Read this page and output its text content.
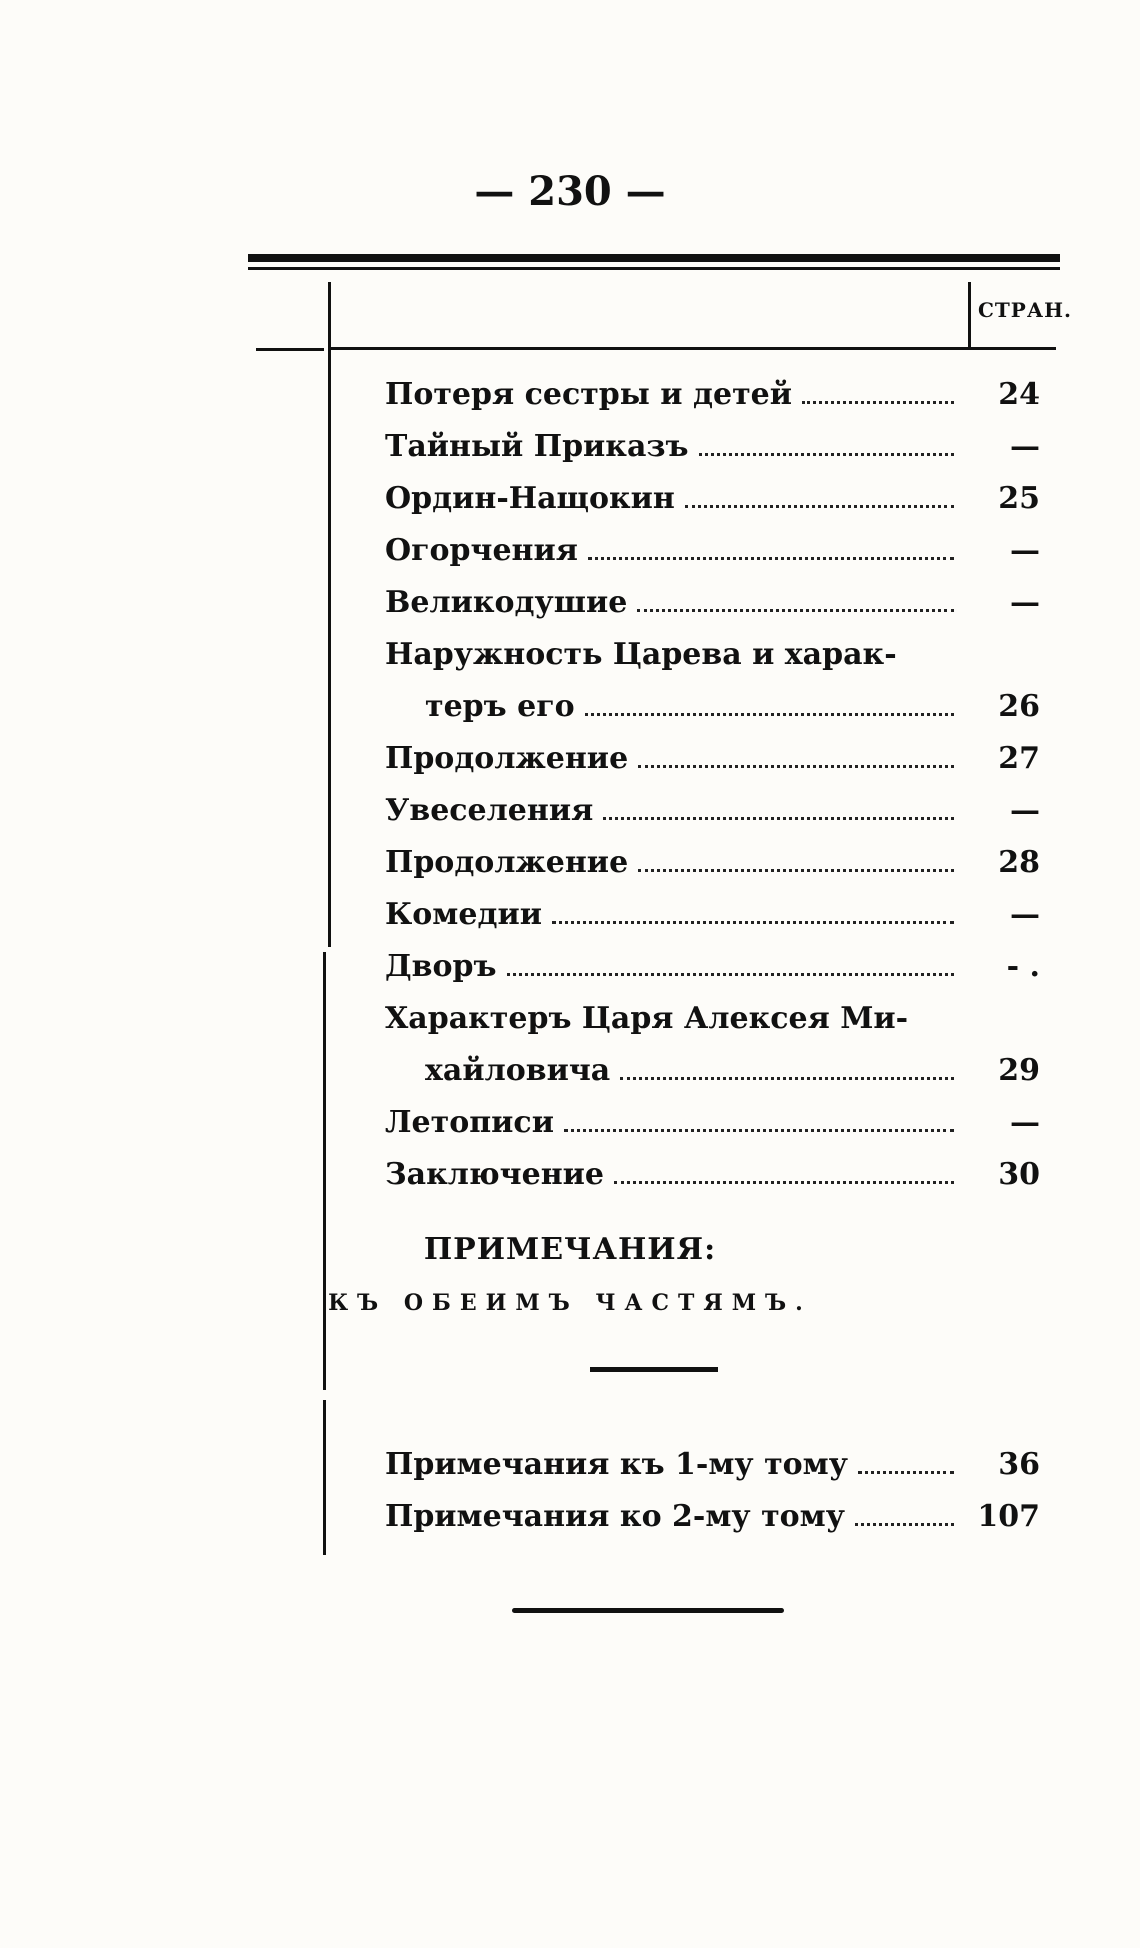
— 230 —
СТРАН.
Потеря сестры и детей	24
Тайный Приказъ	—
Ордин-Нащокин	25
Огорчения	—
Великодушие	—
Наружность Царева и харак-
теръ его	26
Продолжение	27
Увеселения	—
Продолжение	28
Комедии	—
Дворъ	- .
Характеръ Царя Алексея Ми-
хайловича	29
Летописи	—
Заключение	30
ПРИМЕЧАНИЯ:
КЪ ОБЕИМЪ ЧАСТЯМЪ.
Примечания къ 1-му тому	36
Примечания ко 2-му тому	107
